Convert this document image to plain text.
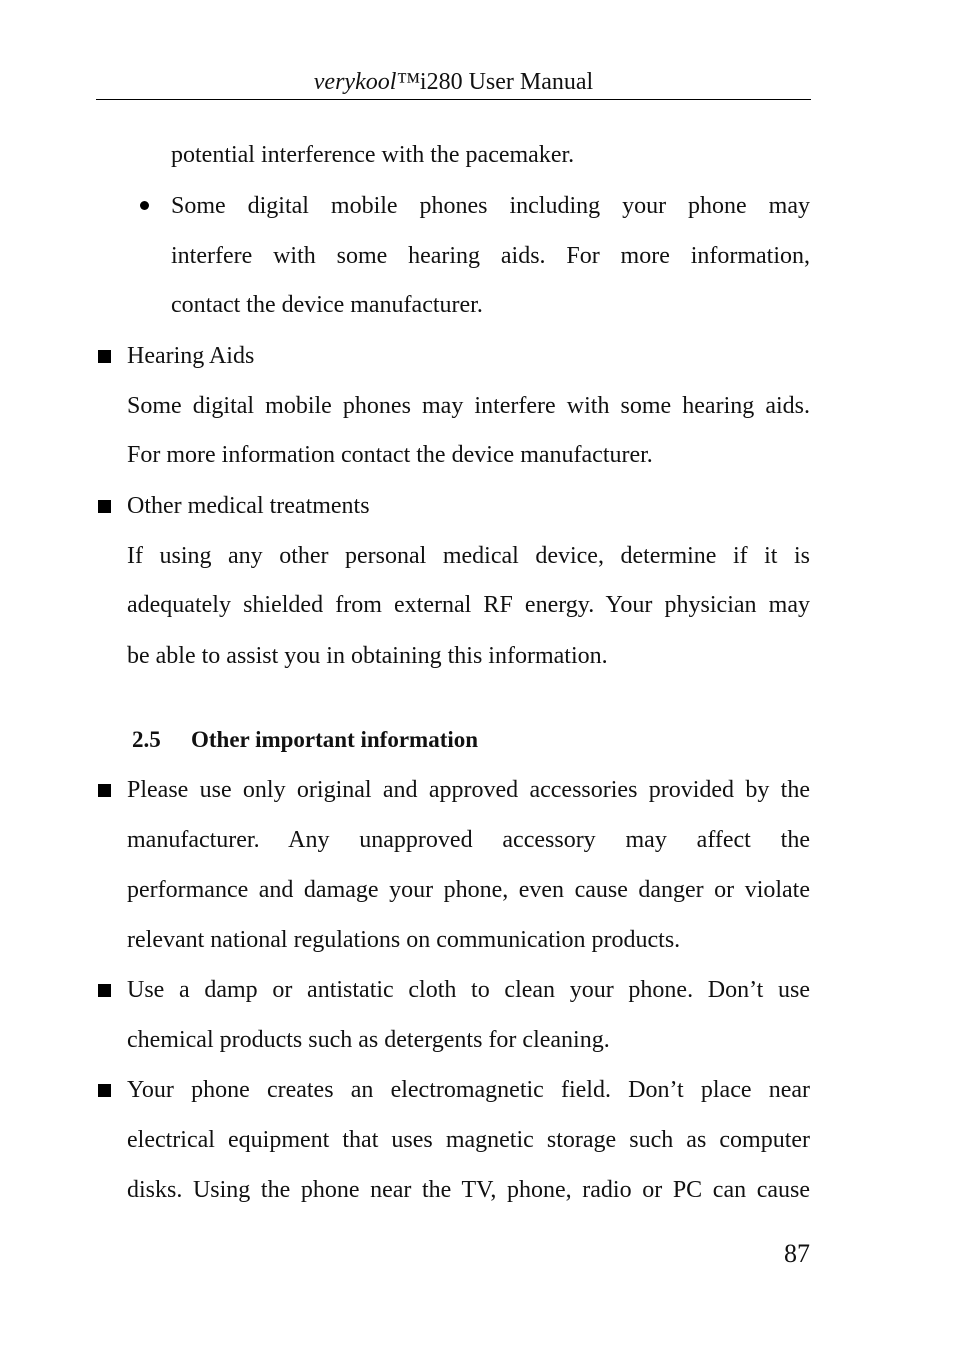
verykool™i280 User Manual
potential interference with the pacemaker.
Some digital mobile phones including your phone may
interfere with some hearing aids. For more information,
contact the device manufacturer.
Hearing Aids
Some digital mobile phones may interfere with some hearing aids.
For more information contact the device manufacturer.
Other medical treatments
If using any other personal medical device, determine if it is
adequately shielded from external RF energy. Your physician may
be able to assist you in obtaining this information.
2.5 Other important information
Please use only original and approved accessories provided by the
manufacturer. Any unapproved accessory may affect the
performance and damage your phone, even cause danger or violate
relevant national regulations on communication products.
Use a damp or antistatic cloth to clean your phone. Don’t use
chemical products such as detergents for cleaning.
Your phone creates an electromagnetic field. Don’t place near
electrical equipment that uses magnetic storage such as computer
disks. Using the phone near the TV, phone, radio or PC can cause
87
